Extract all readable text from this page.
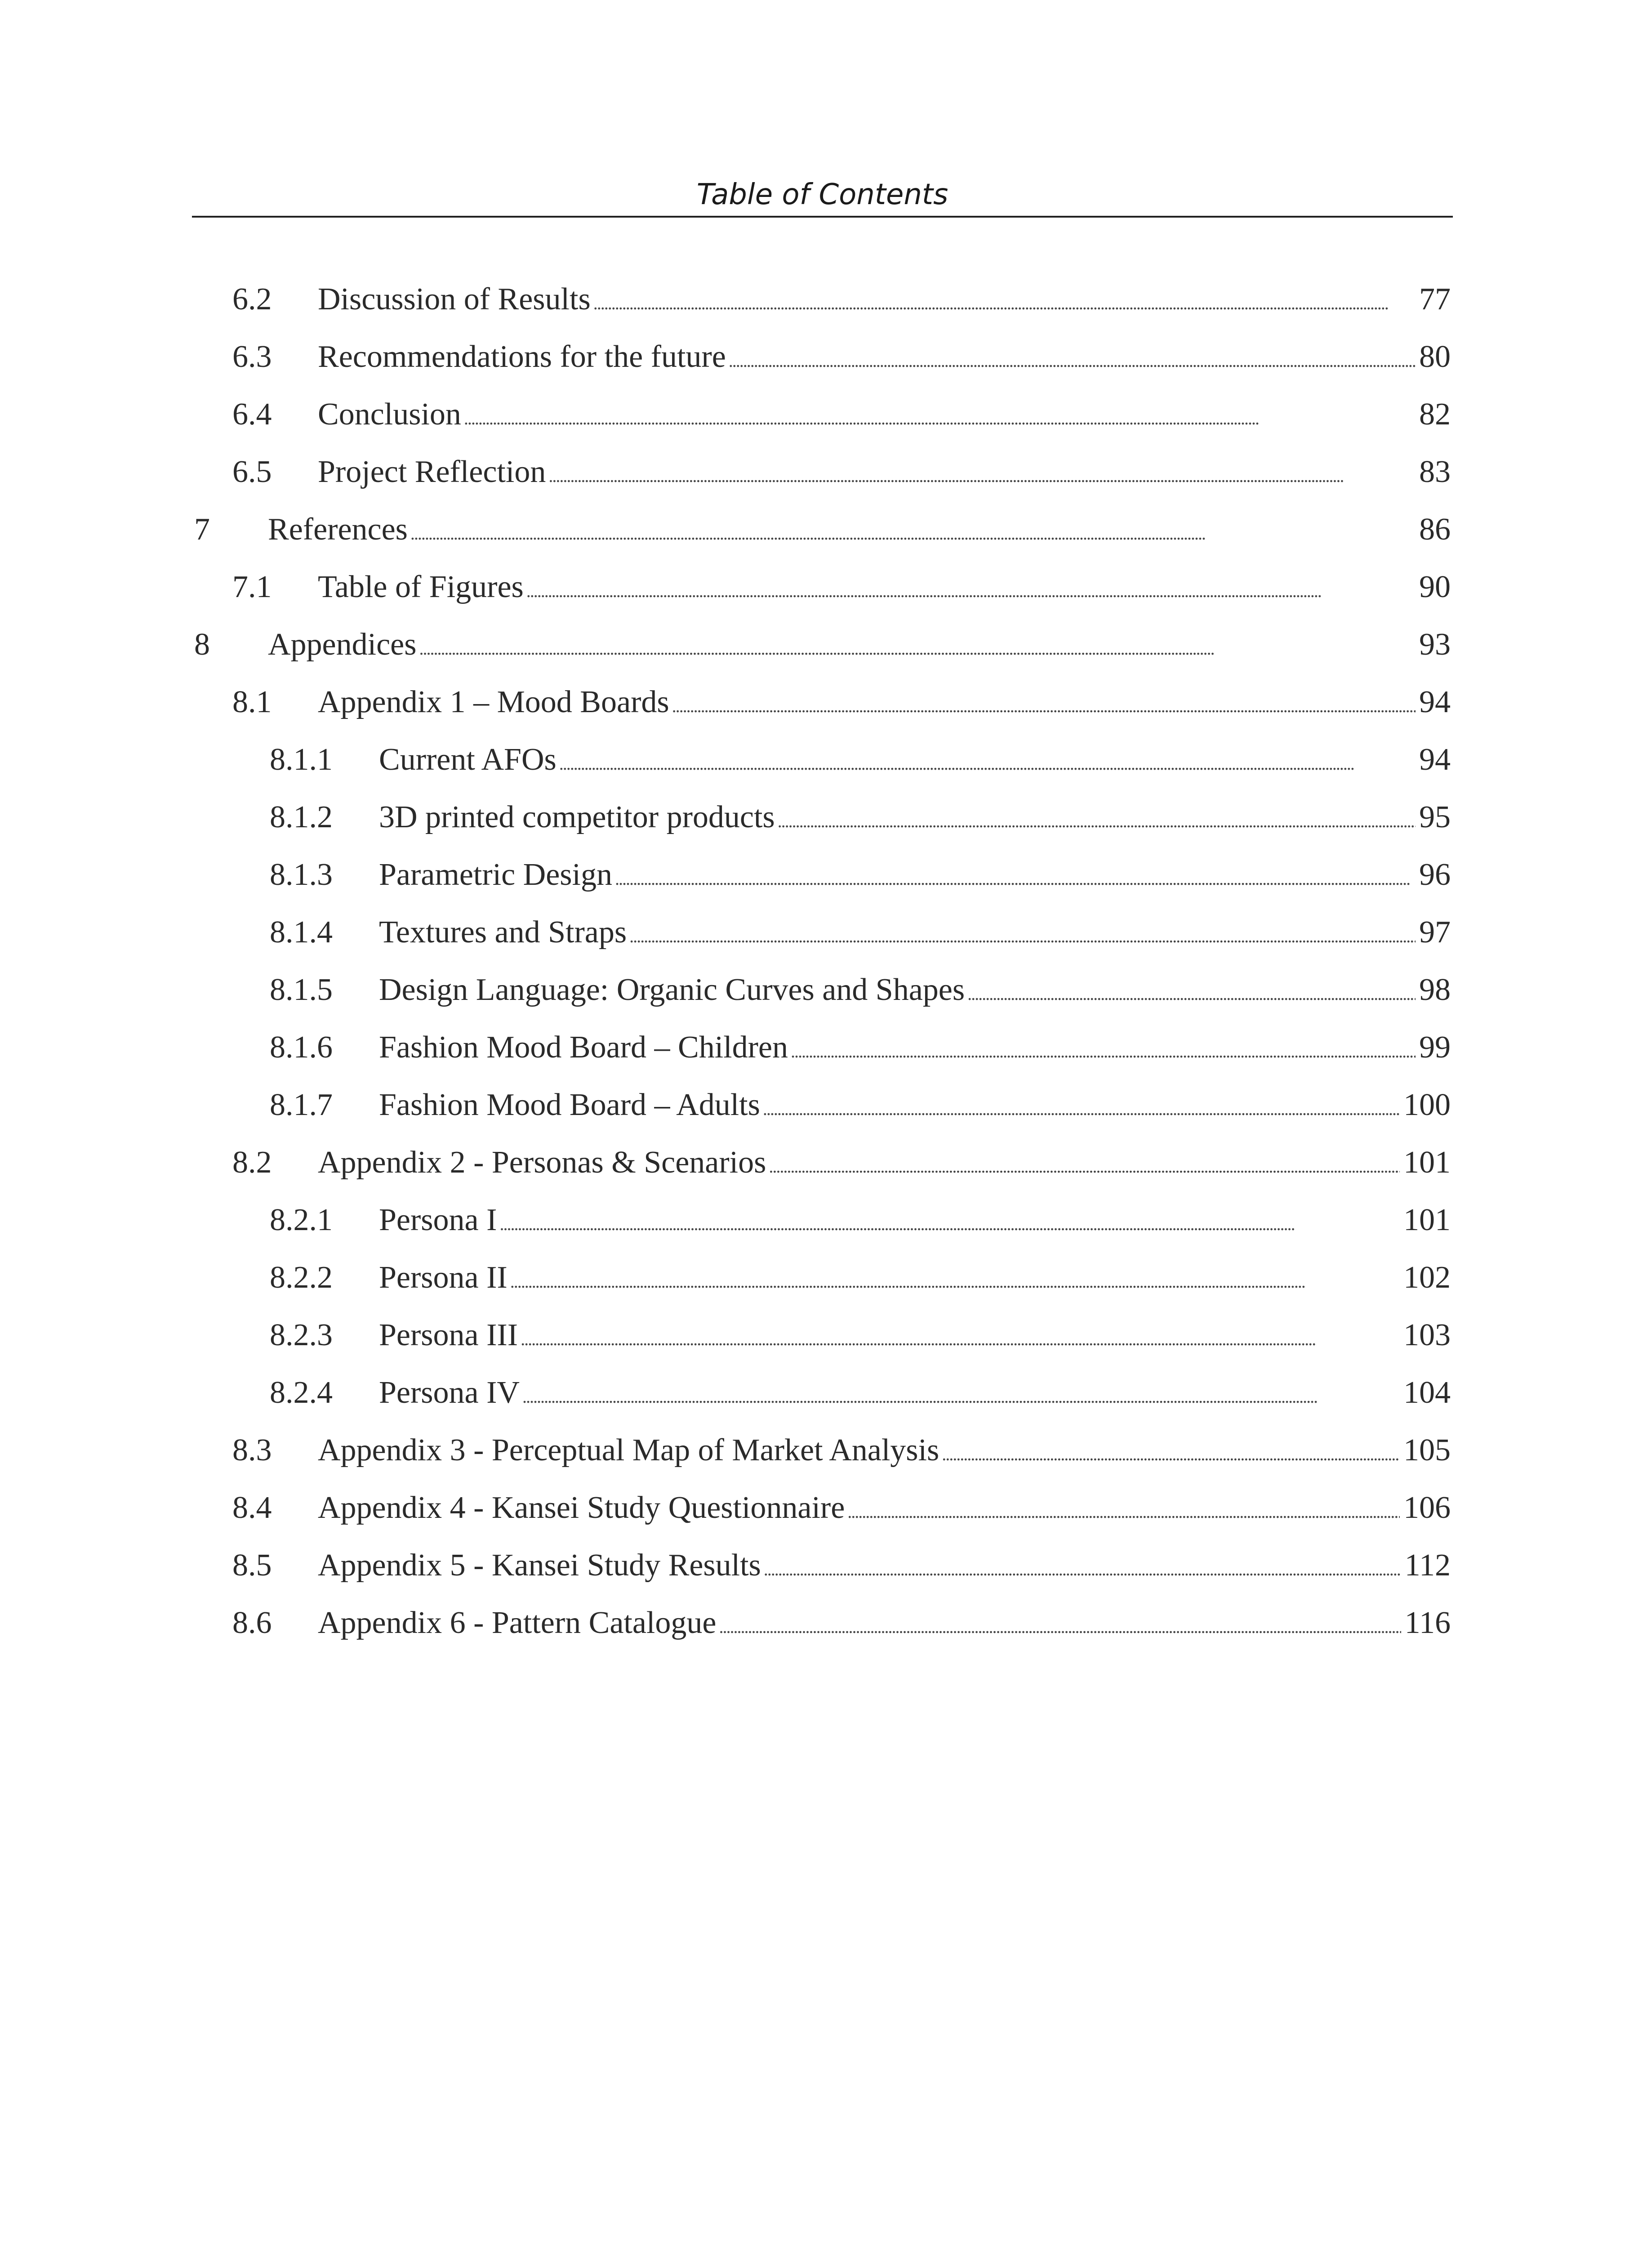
Table of Contents
6.2 Discussion of Results . . .	77
6.3 Recommendations for the future . . .	80
6.4 Conclusion . . .	82
6.5 Project Reflection . . .	83
7 References . . .	86
7.1 Table of Figures . . .	90
8 Appendices . . .	93
8.1 Appendix 1 – Mood Boards . . .	94
8.1.1 Current AFOs . . .	94
8.1.2 3D printed competitor products . . .	95
8.1.3 Parametric Design . . .	96
8.1.4 Textures and Straps . . .	97
8.1.5 Design Language: Organic Curves and Shapes . . .	98
8.1.6 Fashion Mood Board – Children . . .	99
8.1.7 Fashion Mood Board – Adults . . .	100
8.2 Appendix 2 - Personas & Scenarios . . .	101
8.2.1 Persona I . . .	101
8.2.2 Persona II . . .	102
8.2.3 Persona III . . .	103
8.2.4 Persona IV . . .	104
8.3 Appendix 3 - Perceptual Map of Market Analysis . . .	105
8.4 Appendix 4 - Kansei Study Questionnaire . . .	106
8.5 Appendix 5 - Kansei Study Results . . .	112
8.6 Appendix 6 - Pattern Catalogue . . .	116
